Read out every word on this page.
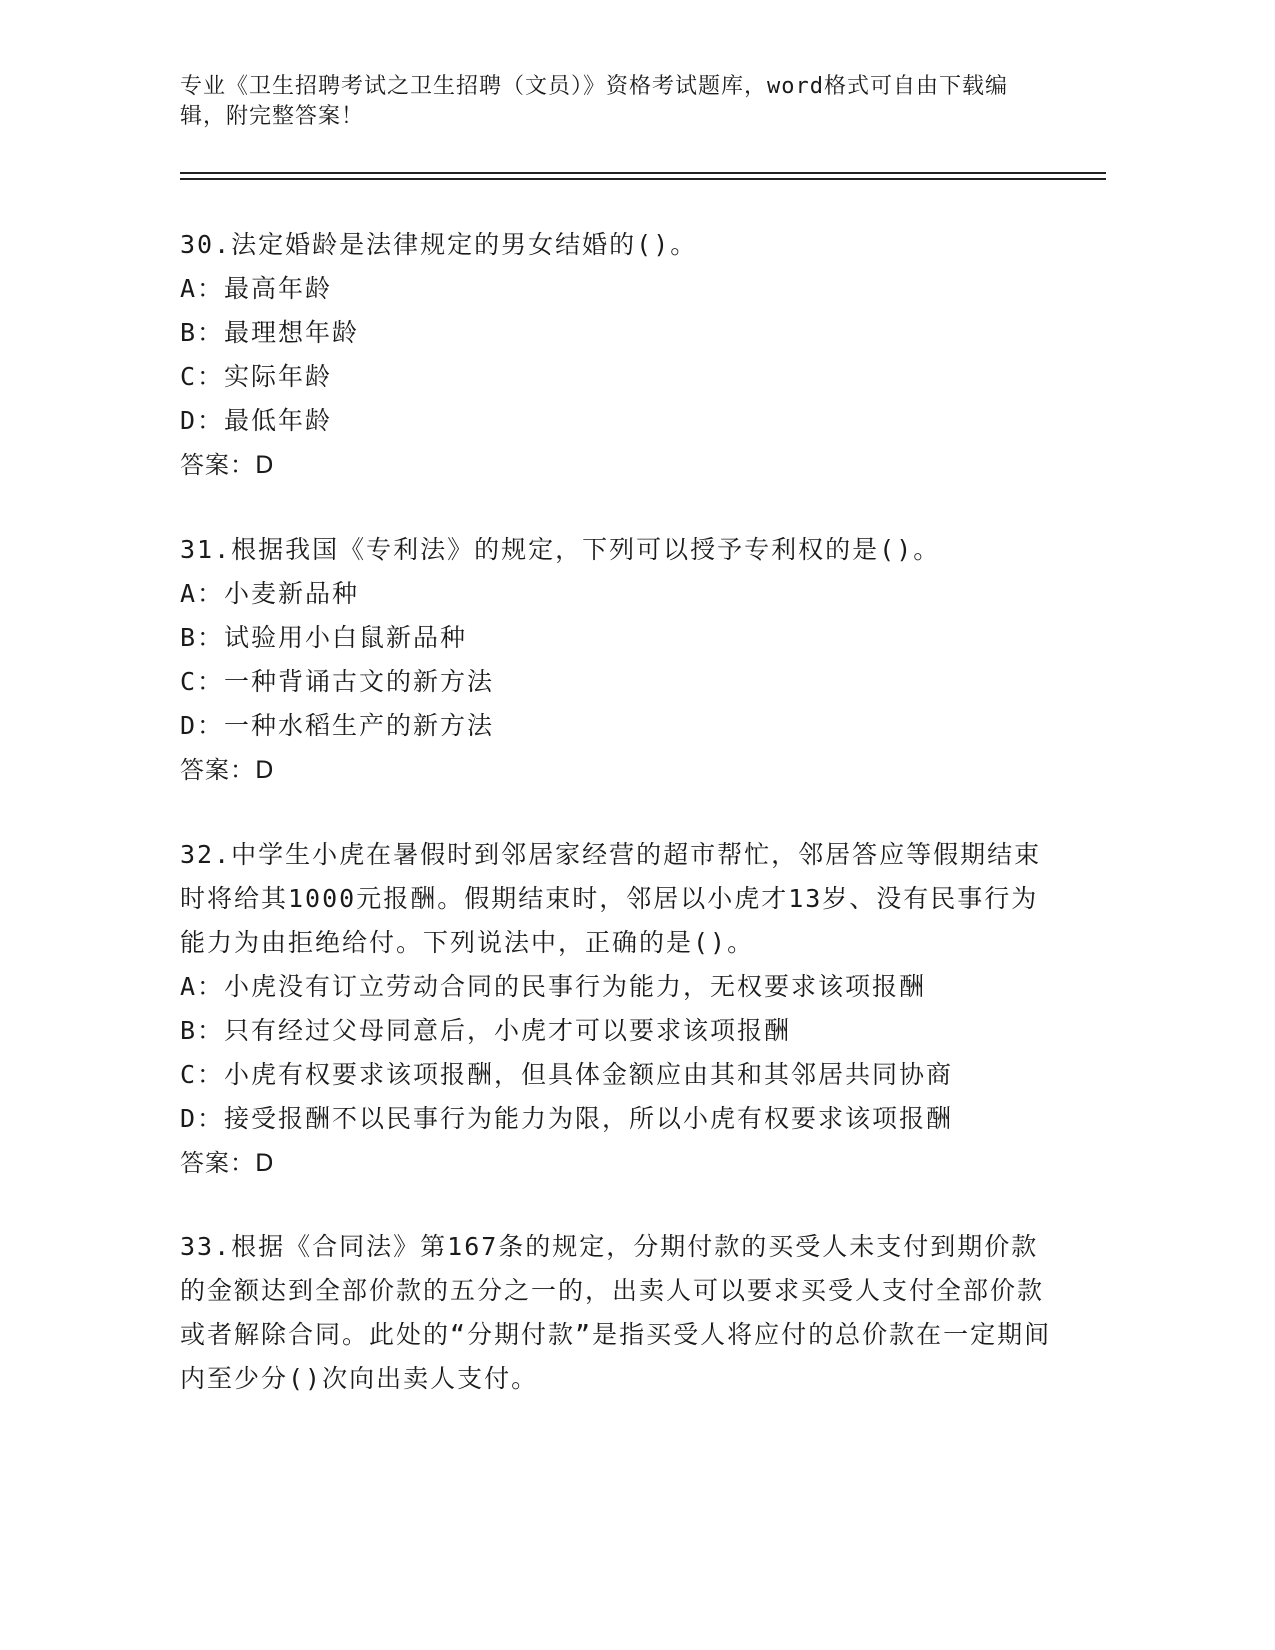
专业《卫生招聘考试之卫生招聘（文员）》资格考试题库，word格式可自由下载编辑，附完整答案！
30.法定婚龄是法律规定的男女结婚的()。
A：最高年龄
B：最理想年龄
C：实际年龄
D：最低年龄
答案：D
31.根据我国《专利法》的规定，下列可以授予专利权的是()。
A：小麦新品种
B：试验用小白鼠新品种
C：一种背诵古文的新方法
D：一种水稻生产的新方法
答案：D
32.中学生小虎在暑假时到邻居家经营的超市帮忙，邻居答应等假期结束时将给其1000元报酬。假期结束时，邻居以小虎才13岁、没有民事行为能力为由拒绝给付。下列说法中，正确的是()。
A：小虎没有订立劳动合同的民事行为能力，无权要求该项报酬
B：只有经过父母同意后，小虎才可以要求该项报酬
C：小虎有权要求该项报酬，但具体金额应由其和其邻居共同协商
D：接受报酬不以民事行为能力为限，所以小虎有权要求该项报酬
答案：D
33.根据《合同法》第167条的规定，分期付款的买受人未支付到期价款的金额达到全部价款的五分之一的，出卖人可以要求买受人支付全部价款或者解除合同。此处的“分期付款”是指买受人将应付的总价款在一定期间内至少分()次向出卖人支付。
